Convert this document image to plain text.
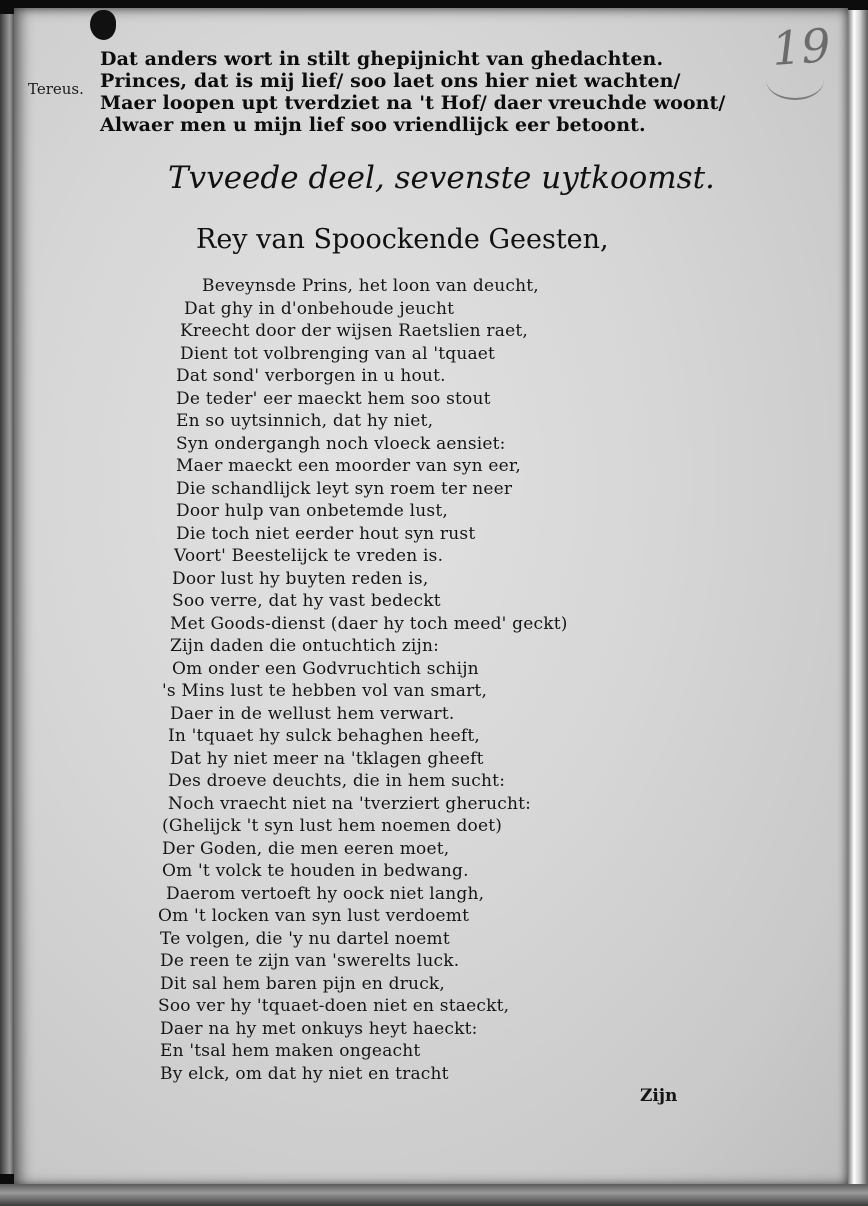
19
Tereus.
Dat anders wort in stilt ghepijnicht van ghedachten.
Princes, dat is mij lief/ soo laet ons hier niet wachten/
Maer loopen upt tverdziet na 't Hof/ daer vreuchde woont/
Alwaer men u mijn lief soo vriendlijck eer betoont.
Tvveede deel, sevenste uytkoomst.
Rey van Spoockende Geesten,
Beveynsde Prins, het loon van deucht,
Dat ghy in d'onbehoude jeucht
Kreecht door der wijsen Raetslien raet,
Dient tot volbrenging van al 'tquaet
Dat sond' verborgen in u hout.
De teder' eer maeckt hem soo stout
En so uytsinnich, dat hy niet,
Syn ondergangh noch vloeck aensiet:
Maer maeckt een moorder van syn eer,
Die schandlijck leyt syn roem ter neer
Door hulp van onbetemde lust,
Die toch niet eerder hout syn rust
Voort' Beestelijck te vreden is.
Door lust hy buyten reden is,
Soo verre, dat hy vast bedeckt
Met Goods-dienst (daer hy toch meed' geckt)
Zijn daden die ontuchtich zijn:
Om onder een Godvruchtich schijn
's Mins lust te hebben vol van smart,
Daer in de wellust hem verwart.
In 'tquaet hy sulck behaghen heeft,
Dat hy niet meer na 'tklagen gheeft
Des droeve deuchts, die in hem sucht:
Noch vraecht niet na 'tverziert gherucht:
(Ghelijck 't syn lust hem noemen doet)
Der Goden, die men eeren moet,
Om 't volck te houden in bedwang.
Daerom vertoeft hy oock niet langh,
Om 't locken van syn lust verdoemt
Te volgen, die 'y nu dartel noemt
De reen te zijn van 'swerelts luck.
Dit sal hem baren pijn en druck,
Soo ver hy 'tquaet-doen niet en staeckt,
Daer na hy met onkuys heyt haeckt:
En 'tsal hem maken ongeacht
By elck, om dat hy niet en tracht
Zijn
